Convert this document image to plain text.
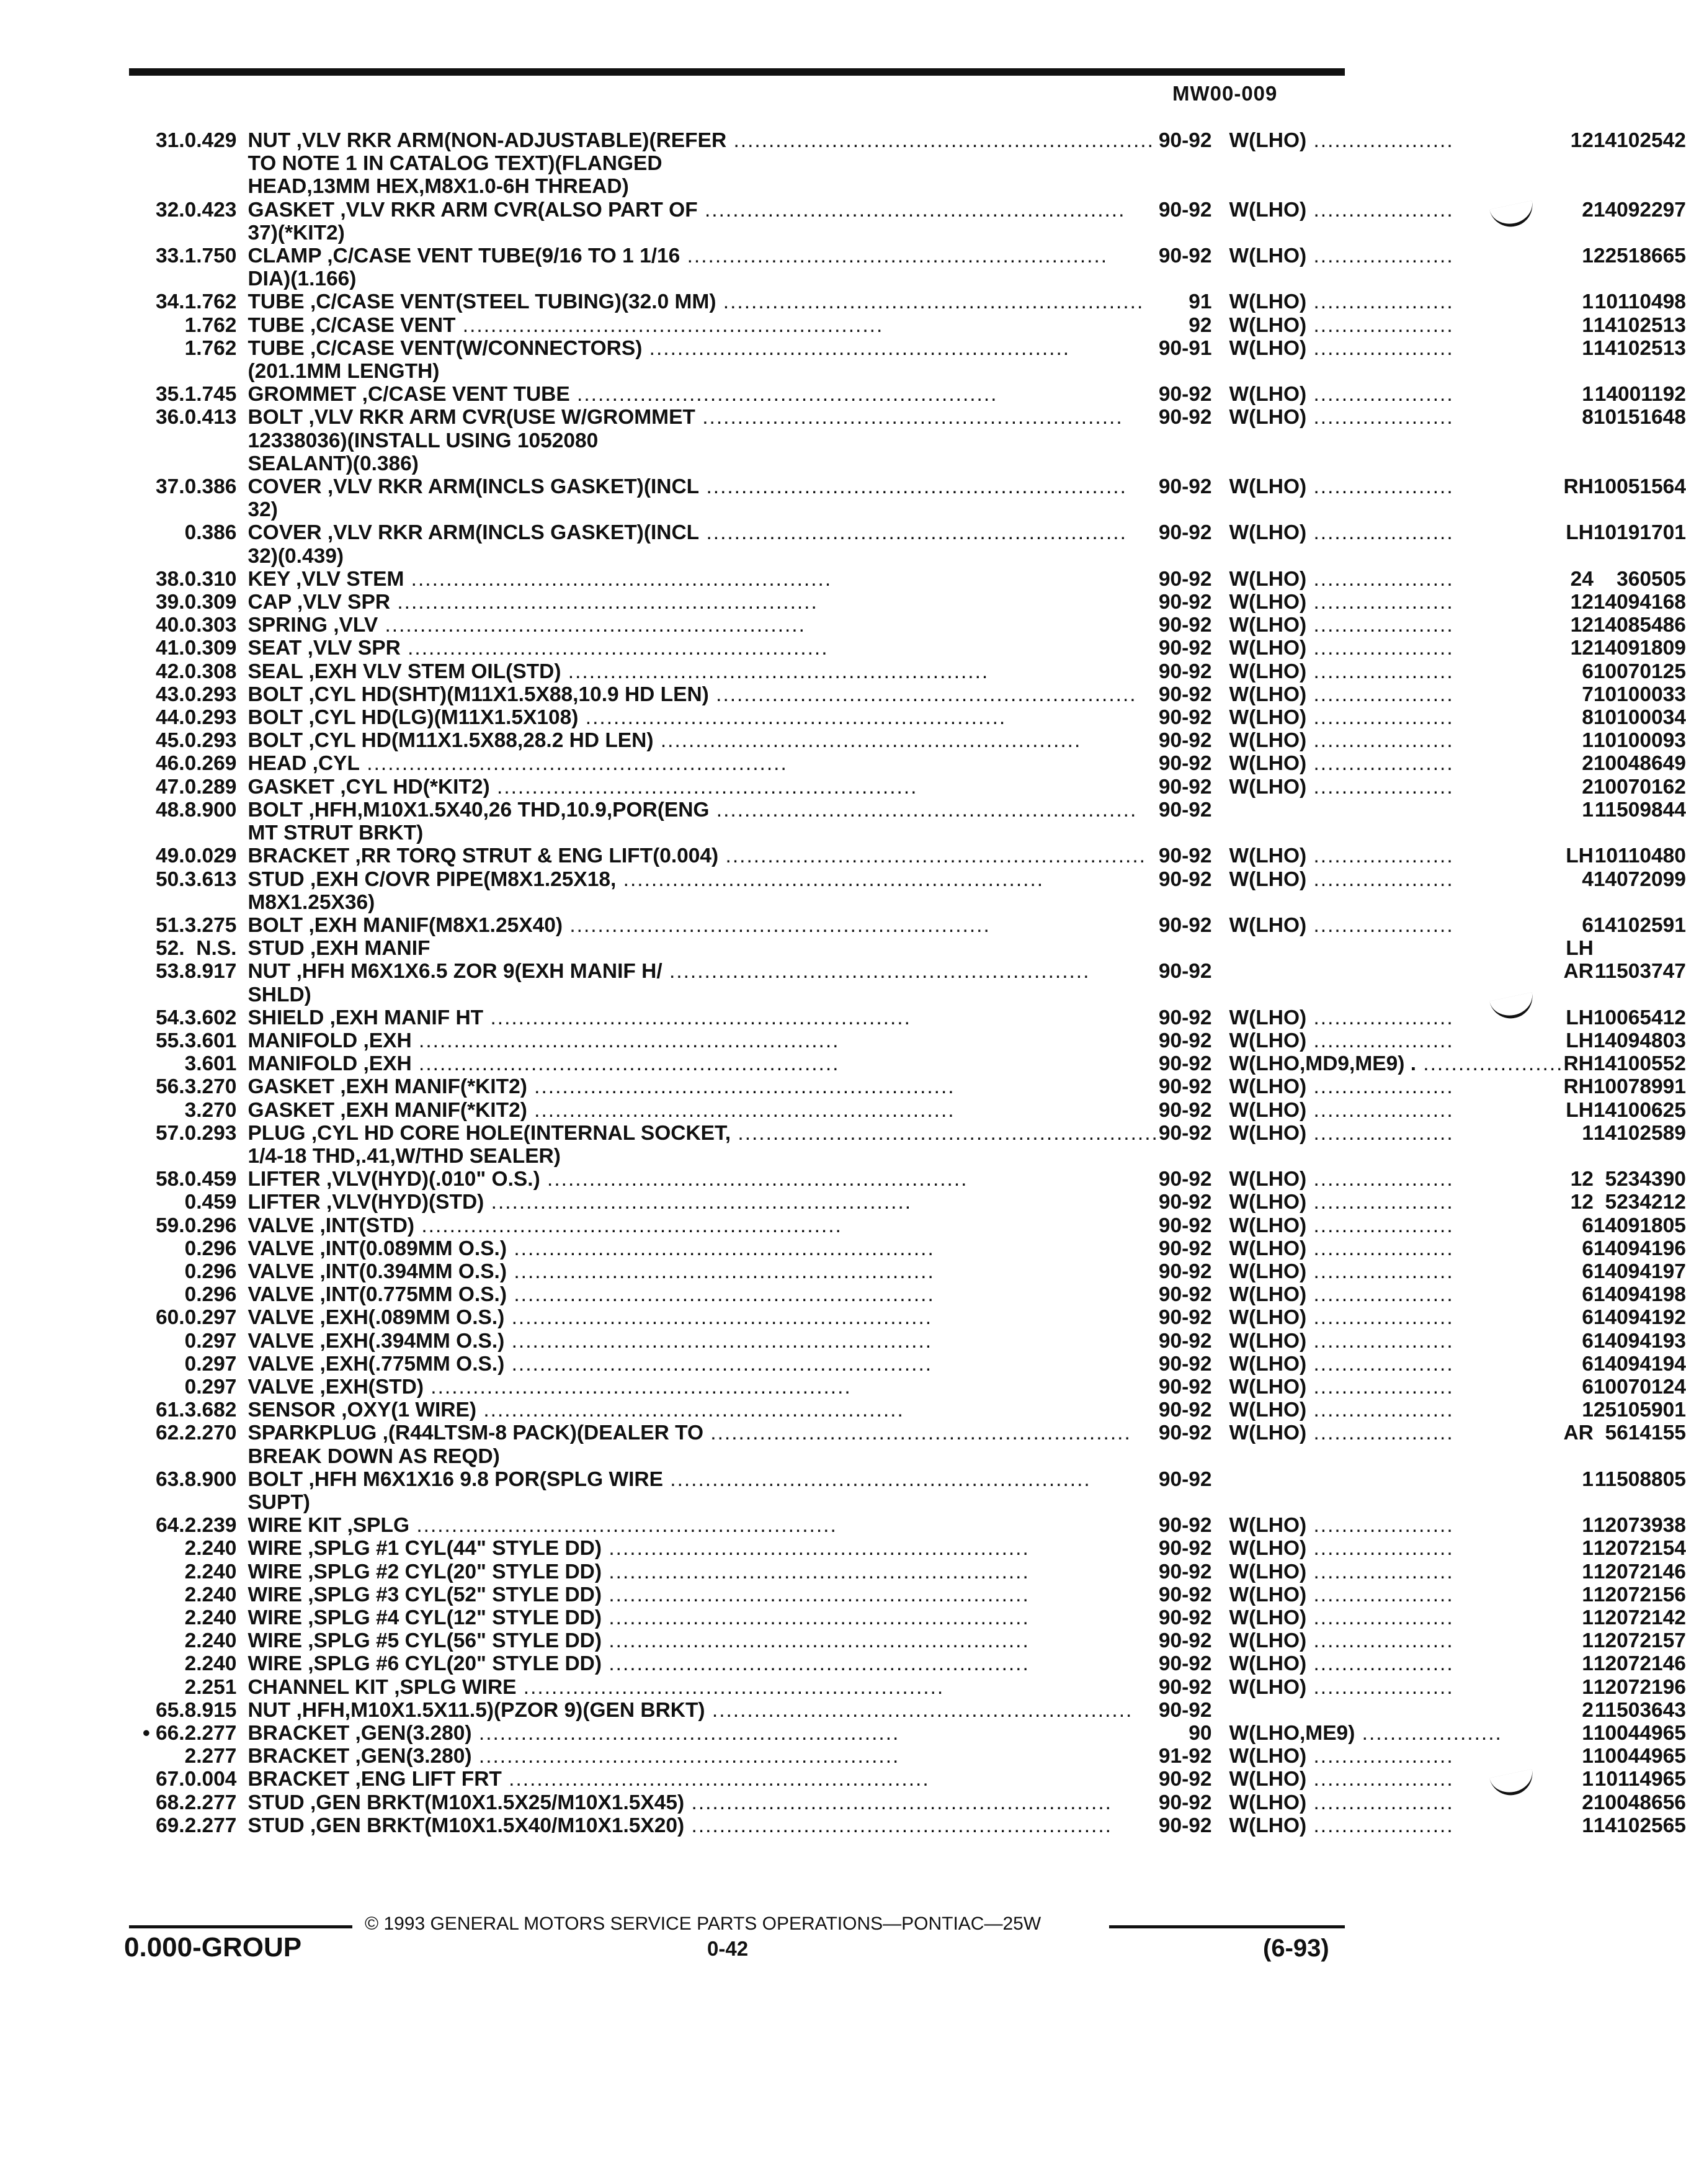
MW00-009
31.	0.429	NUT ,VLV RKR ARM(NON-ADJUSTABLE)(REFER ............................................................	90-92	W(LHO) ....................	12	14102542
		TO NOTE 1 IN CATALOG TEXT)(FLANGED				
		HEAD,13MM HEX,M8X1.0-6H THREAD)				
32.	0.423	GASKET ,VLV RKR ARM CVR(ALSO PART OF ............................................................	90-92	W(LHO) ....................	2	14092297
		37)(*KIT2)				
33.	1.750	CLAMP ,C/CASE VENT TUBE(9/16 TO 1 1/16 ............................................................	90-92	W(LHO) ....................	1	22518665
		DIA)(1.166)				
34.	1.762	TUBE ,C/CASE VENT(STEEL TUBING)(32.0 MM) ............................................................	91	W(LHO) ....................	1	10110498
	1.762	TUBE ,C/CASE VENT ............................................................	92	W(LHO) ....................	1	14102513
	1.762	TUBE ,C/CASE VENT(W/CONNECTORS) ............................................................	90-91	W(LHO) ....................	1	14102513
		(201.1MM LENGTH)				
35.	1.745	GROMMET ,C/CASE VENT TUBE ............................................................	90-92	W(LHO) ....................	1	14001192
36.	0.413	BOLT ,VLV RKR ARM CVR(USE W/GROMMET ............................................................	90-92	W(LHO) ....................	8	10151648
		12338036)(INSTALL USING 1052080				
		SEALANT)(0.386)				
37.	0.386	COVER ,VLV RKR ARM(INCLS GASKET)(INCL ............................................................	90-92	W(LHO) ....................	RH	10051564
		32)				
	0.386	COVER ,VLV RKR ARM(INCLS GASKET)(INCL ............................................................	90-92	W(LHO) ....................	LH	10191701
		32)(0.439)				
38.	0.310	KEY ,VLV STEM ............................................................	90-92	W(LHO) ....................	24	360505
39.	0.309	CAP ,VLV SPR ............................................................	90-92	W(LHO) ....................	12	14094168
40.	0.303	SPRING ,VLV ............................................................	90-92	W(LHO) ....................	12	14085486
41.	0.309	SEAT ,VLV SPR ............................................................	90-92	W(LHO) ....................	12	14091809
42.	0.308	SEAL ,EXH VLV STEM OIL(STD) ............................................................	90-92	W(LHO) ....................	6	10070125
43.	0.293	BOLT ,CYL HD(SHT)(M11X1.5X88,10.9 HD LEN) ............................................................	90-92	W(LHO) ....................	7	10100033
44.	0.293	BOLT ,CYL HD(LG)(M11X1.5X108) ............................................................	90-92	W(LHO) ....................	8	10100034
45.	0.293	BOLT ,CYL HD(M11X1.5X88,28.2 HD LEN) ............................................................	90-92	W(LHO) ....................	1	10100093
46.	0.269	HEAD ,CYL ............................................................	90-92	W(LHO) ....................	2	10048649
47.	0.289	GASKET ,CYL HD(*KIT2) ............................................................	90-92	W(LHO) ....................	2	10070162
48.	8.900	BOLT ,HFH,M10X1.5X40,26 THD,10.9,POR(ENG ............................................................	90-92		1	11509844
		MT STRUT BRKT)				
49.	0.029	BRACKET ,RR TORQ STRUT & ENG LIFT(0.004) ............................................................	90-92	W(LHO) ....................	LH	10110480
50.	3.613	STUD ,EXH C/OVR PIPE(M8X1.25X18, ............................................................	90-92	W(LHO) ....................	4	14072099
		M8X1.25X36)				
51.	3.275	BOLT ,EXH MANIF(M8X1.25X40) ............................................................	90-92	W(LHO) ....................	6	14102591
52.	N.S.	STUD ,EXH MANIF			LH	
53.	8.917	NUT ,HFH M6X1X6.5 ZOR 9(EXH MANIF H/ ............................................................	90-92		AR	11503747
		SHLD)				
54.	3.602	SHIELD ,EXH MANIF HT ............................................................	90-92	W(LHO) ....................	LH	10065412
55.	3.601	MANIFOLD ,EXH ............................................................	90-92	W(LHO) ....................	LH	14094803
	3.601	MANIFOLD ,EXH ............................................................	90-92	W(LHO,MD9,ME9) . ....................	RH	14100552
56.	3.270	GASKET ,EXH MANIF(*KIT2) ............................................................	90-92	W(LHO) ....................	RH	10078991
	3.270	GASKET ,EXH MANIF(*KIT2) ............................................................	90-92	W(LHO) ....................	LH	14100625
57.	0.293	PLUG ,CYL HD CORE HOLE(INTERNAL SOCKET, ............................................................	90-92	W(LHO) ....................	1	14102589
		1/4-18 THD,.41,W/THD SEALER)				
58.	0.459	LIFTER ,VLV(HYD)(.010" O.S.) ............................................................	90-92	W(LHO) ....................	12	5234390
	0.459	LIFTER ,VLV(HYD)(STD) ............................................................	90-92	W(LHO) ....................	12	5234212
59.	0.296	VALVE ,INT(STD) ............................................................	90-92	W(LHO) ....................	6	14091805
	0.296	VALVE ,INT(0.089MM O.S.) ............................................................	90-92	W(LHO) ....................	6	14094196
	0.296	VALVE ,INT(0.394MM O.S.) ............................................................	90-92	W(LHO) ....................	6	14094197
	0.296	VALVE ,INT(0.775MM O.S.) ............................................................	90-92	W(LHO) ....................	6	14094198
60.	0.297	VALVE ,EXH(.089MM O.S.) ............................................................	90-92	W(LHO) ....................	6	14094192
	0.297	VALVE ,EXH(.394MM O.S.) ............................................................	90-92	W(LHO) ....................	6	14094193
	0.297	VALVE ,EXH(.775MM O.S.) ............................................................	90-92	W(LHO) ....................	6	14094194
	0.297	VALVE ,EXH(STD) ............................................................	90-92	W(LHO) ....................	6	10070124
61.	3.682	SENSOR ,OXY(1 WIRE) ............................................................	90-92	W(LHO) ....................	1	25105901
62.	2.270	SPARKPLUG ,(R44LTSM-8 PACK)(DEALER TO ............................................................	90-92	W(LHO) ....................	AR	5614155
		BREAK DOWN AS REQD)				
63.	8.900	BOLT ,HFH M6X1X16 9.8 POR(SPLG WIRE ............................................................	90-92		1	11508805
		SUPT)				
64.	2.239	WIRE KIT ,SPLG ............................................................	90-92	W(LHO) ....................	1	12073938
	2.240	WIRE ,SPLG #1 CYL(44" STYLE DD) ............................................................	90-92	W(LHO) ....................	1	12072154
	2.240	WIRE ,SPLG #2 CYL(20" STYLE DD) ............................................................	90-92	W(LHO) ....................	1	12072146
	2.240	WIRE ,SPLG #3 CYL(52" STYLE DD) ............................................................	90-92	W(LHO) ....................	1	12072156
	2.240	WIRE ,SPLG #4 CYL(12" STYLE DD) ............................................................	90-92	W(LHO) ....................	1	12072142
	2.240	WIRE ,SPLG #5 CYL(56" STYLE DD) ............................................................	90-92	W(LHO) ....................	1	12072157
	2.240	WIRE ,SPLG #6 CYL(20" STYLE DD) ............................................................	90-92	W(LHO) ....................	1	12072146
	2.251	CHANNEL KIT ,SPLG WIRE ............................................................	90-92	W(LHO) ....................	1	12072196
65.	8.915	NUT ,HFH,M10X1.5X11.5)(PZOR 9)(GEN BRKT) ............................................................	90-92		2	11503643
• 66.	2.277	BRACKET ,GEN(3.280) ............................................................	90	W(LHO,ME9) ....................	1	10044965
	2.277	BRACKET ,GEN(3.280) ............................................................	91-92	W(LHO) ....................	1	10044965
67.	0.004	BRACKET ,ENG LIFT FRT ............................................................	90-92	W(LHO) ....................	1	10114965
68.	2.277	STUD ,GEN BRKT(M10X1.5X25/M10X1.5X45) ............................................................	90-92	W(LHO) ....................	2	10048656
69.	2.277	STUD ,GEN BRKT(M10X1.5X40/M10X1.5X20) ............................................................	90-92	W(LHO) ....................	1	14102565
© 1993 GENERAL MOTORS SERVICE PARTS OPERATIONS—PONTIAC—25W
0.000-GROUP	0-42	(6-93)
